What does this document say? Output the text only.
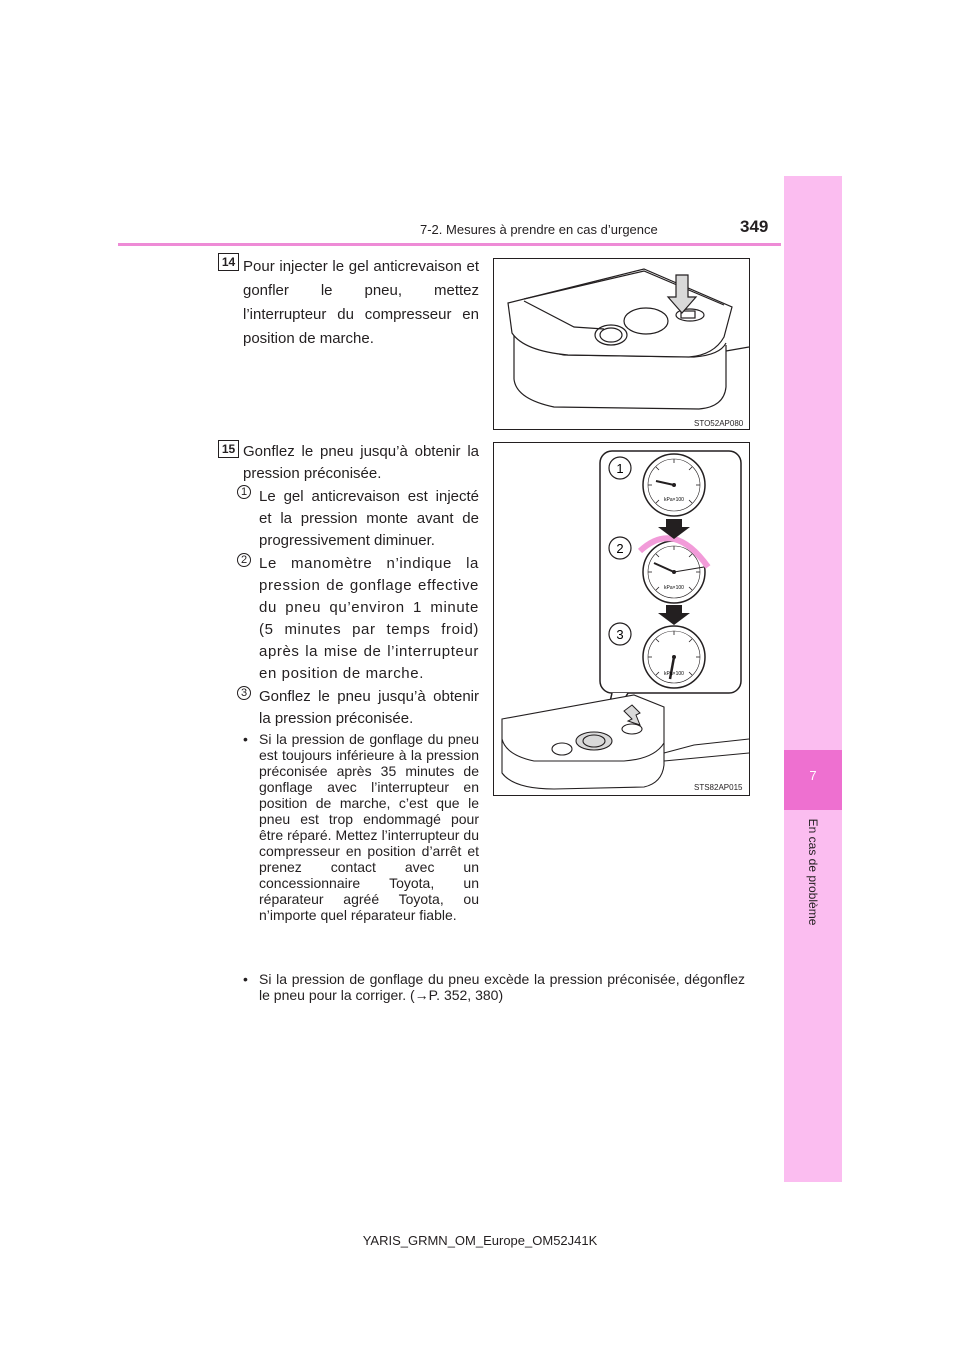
7
En cas de problème
7-2. Mesures à prendre en cas d’urgence	349
14 Pour injecter le gel anticrevaison et gonfler le pneu, mettez l’interrupteur du compresseur en position de marche.
STO52AP080
15 Gonflez le pneu jusqu’à obtenir la pression préconisée.
1 Le gel anticrevaison est injecté et la pression monte avant de progressivement diminuer.
2 Le manomètre n’indique la pression de gonflage effective du pneu qu’environ 1 minute (5 minutes par temps froid) après la mise de l’interrupteur en position de marche.
3 Gonflez le pneu jusqu’à obtenir la pression préconisée.
• Si la pression de gonflage du pneu est toujours inférieure à la pression préconisée après 35 minutes de gonflage avec l’interrupteur en position de marche, c’est que le pneu est trop endommagé pour être réparé. Mettez l’interrupteur du compresseur en position d’arrêt et prenez contact avec un concessionnaire Toyota, un réparateur agréé Toyota, ou n’importe quel réparateur fiable.
• Si la pression de gonflage du pneu excède la pression préconisée, dégonflez le pneu pour la corriger. (→P. 352, 380)
1
2
3
kPa×100
kPa×100
kPa×100
STS82AP015
YARIS_GRMN_OM_Europe_OM52J41K
